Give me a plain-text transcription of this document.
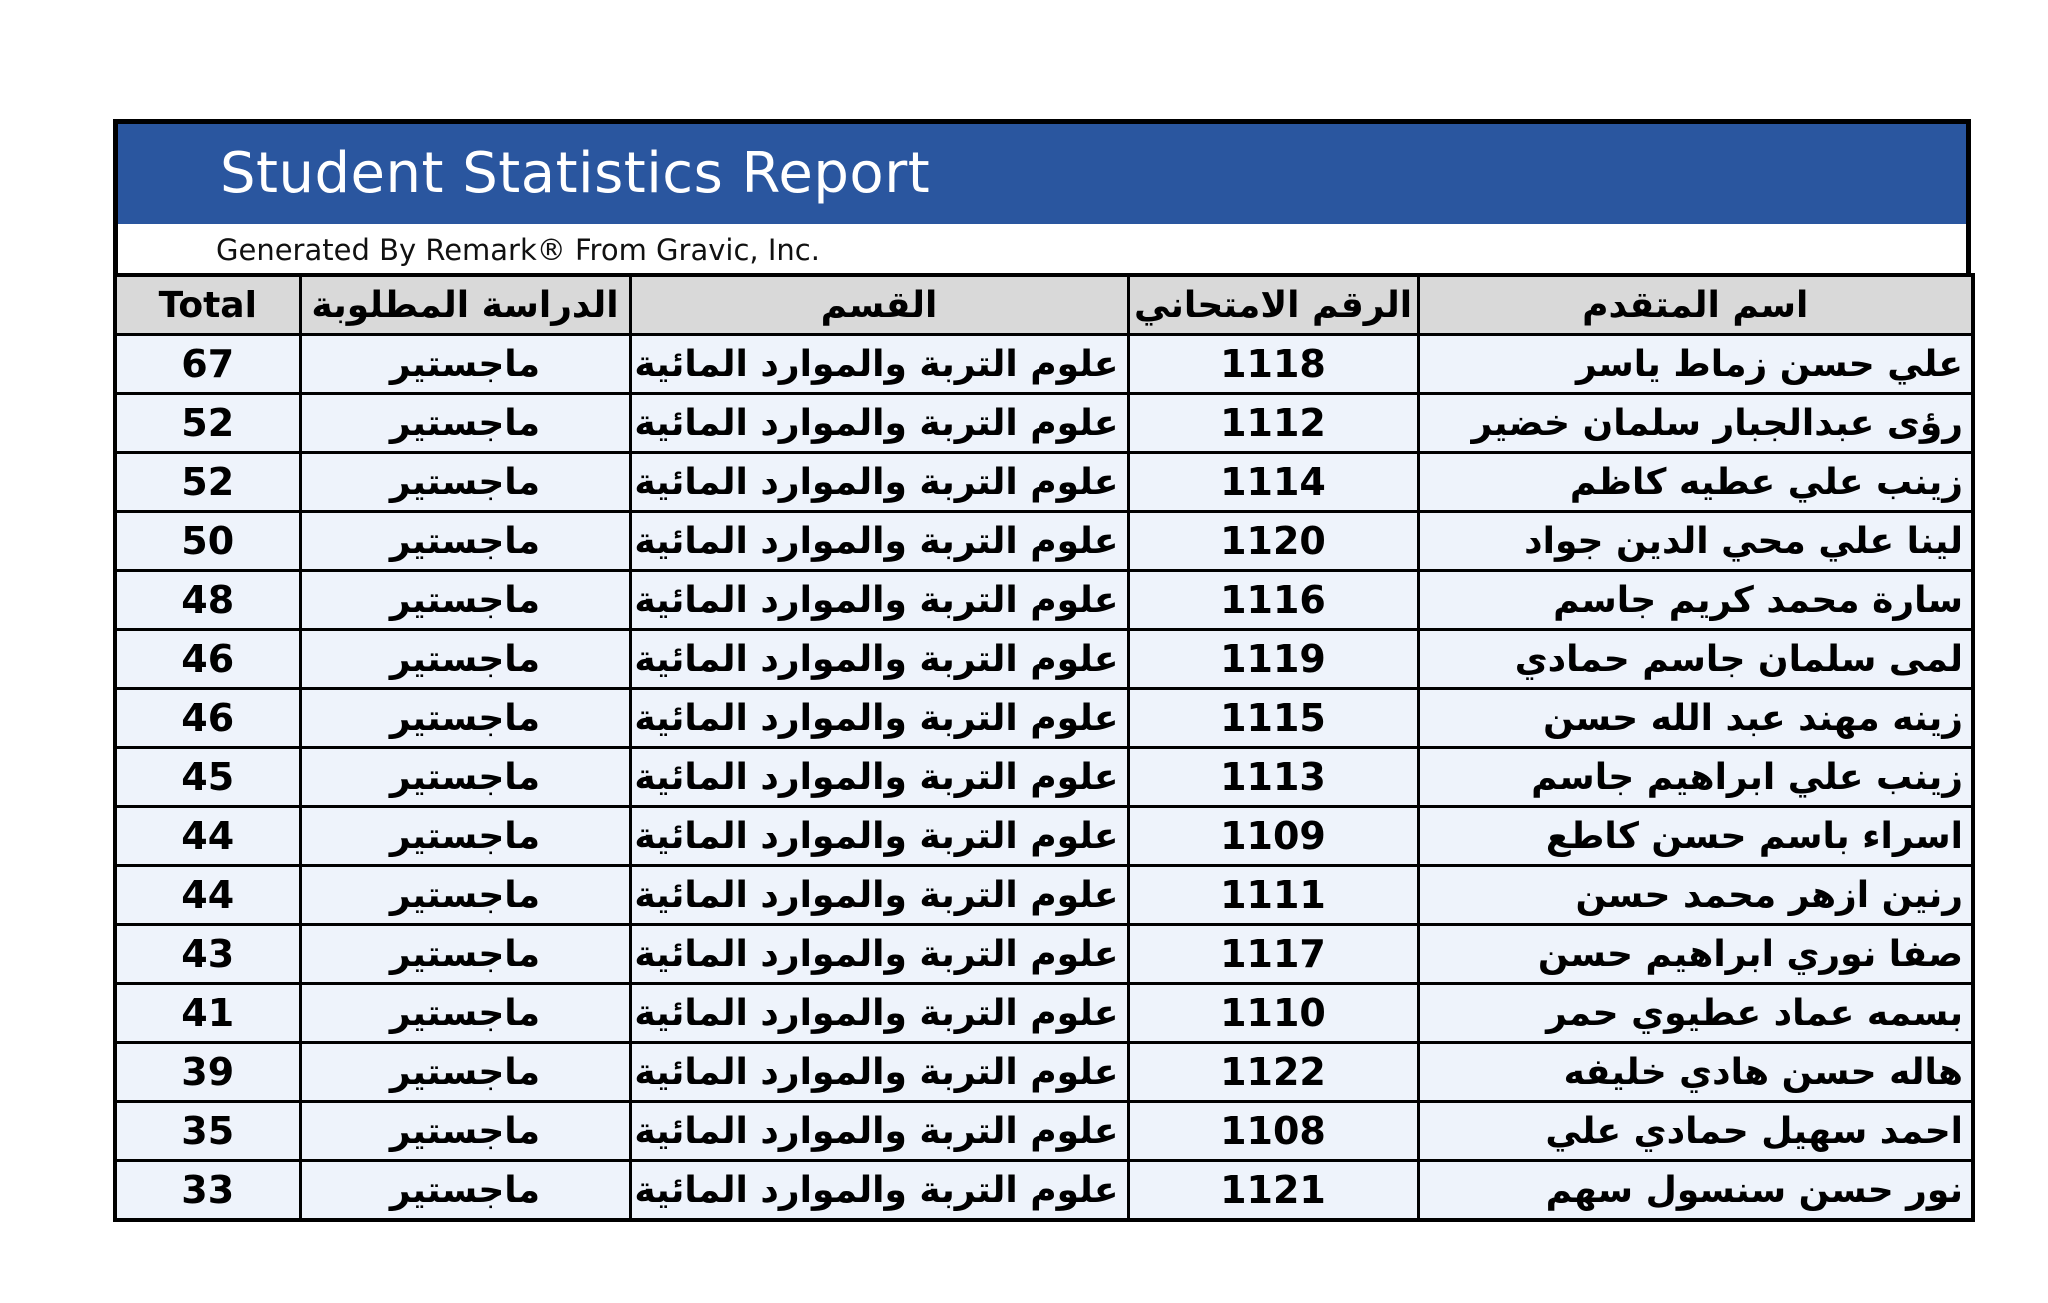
Student Statistics Report
Generated By Remark® From Gravic, Inc.
Total	الدراسة المطلوبة	القسم	الرقم الامتحاني	اسم المتقدم
67	ماجستير	علوم التربة والموارد المائية	1118	علي حسن زماط ياسر
52	ماجستير	علوم التربة والموارد المائية	1112	رؤى عبدالجبار سلمان خضير
52	ماجستير	علوم التربة والموارد المائية	1114	زينب علي عطيه كاظم
50	ماجستير	علوم التربة والموارد المائية	1120	لينا علي محي الدين جواد
48	ماجستير	علوم التربة والموارد المائية	1116	سارة محمد كريم جاسم
46	ماجستير	علوم التربة والموارد المائية	1119	لمى سلمان جاسم حمادي
46	ماجستير	علوم التربة والموارد المائية	1115	زينه مهند عبد الله حسن
45	ماجستير	علوم التربة والموارد المائية	1113	زينب علي ابراهيم جاسم
44	ماجستير	علوم التربة والموارد المائية	1109	اسراء باسم حسن كاطع
44	ماجستير	علوم التربة والموارد المائية	1111	رنين ازهر محمد حسن
43	ماجستير	علوم التربة والموارد المائية	1117	صفا نوري ابراهيم حسن
41	ماجستير	علوم التربة والموارد المائية	1110	بسمه عماد عطيوي حمر
39	ماجستير	علوم التربة والموارد المائية	1122	هاله حسن هادي خليفه
35	ماجستير	علوم التربة والموارد المائية	1108	احمد سهيل حمادي علي
33	ماجستير	علوم التربة والموارد المائية	1121	نور حسن سنسول سهم
